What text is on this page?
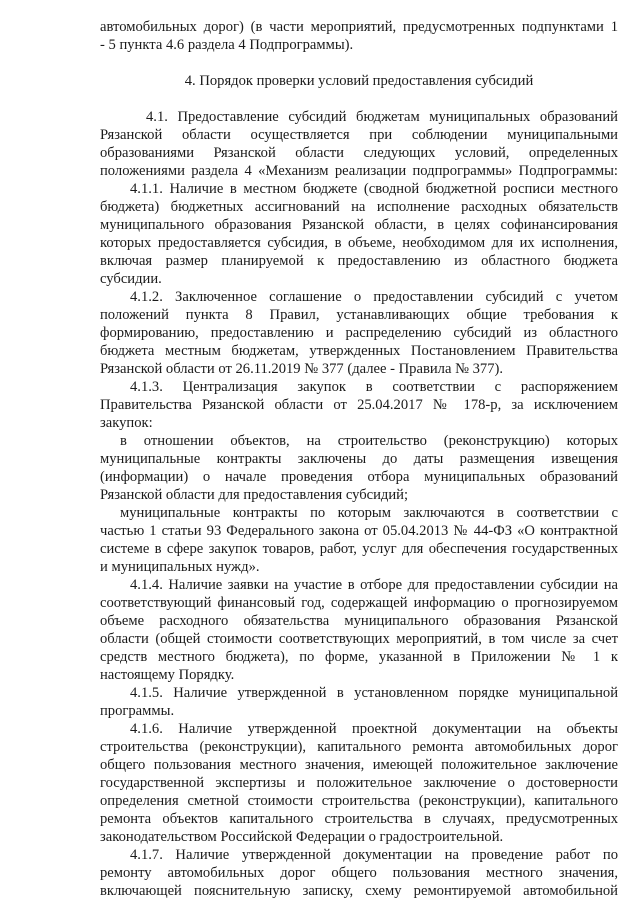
автомобильных дорог) (в части мероприятий, предусмотренных подпунктами 1
- 5 пункта 4.6 раздела 4 Подпрограммы).
4. Порядок проверки условий предоставления субсидий
4.1. Предоставление субсидий бюджетам муниципальных образований
Рязанской области осуществляется при соблюдении муниципальными
образованиями Рязанской области следующих условий, определенных
положениями раздела 4 «Механизм реализации подпрограммы» Подпрограммы:
4.1.1. Наличие в местном бюджете (сводной бюджетной росписи местного
бюджета) бюджетных ассигнований на исполнение расходных обязательств
муниципального образования Рязанской области, в целях софинансирования
которых предоставляется субсидия, в объеме, необходимом для их исполнения,
включая размер планируемой к предоставлению из областного бюджета
субсидии.
4.1.2. Заключенное соглашение о предоставлении субсидий с учетом
положений пункта 8 Правил, устанавливающих общие требования к
формированию, предоставлению и распределению субсидий из областного
бюджета местным бюджетам, утвержденных Постановлением Правительства
Рязанской области от 26.11.2019 № 377 (далее - Правила № 377).
4.1.3. Централизация закупок в соответствии с распоряжением
Правительства Рязанской области от 25.04.2017 № 178-р, за исключением
закупок:
в отношении объектов, на строительство (реконструкцию) которых
муниципальные контракты заключены до даты размещения извещения
(информации) о начале проведения отбора муниципальных образований
Рязанской области для предоставления субсидий;
муниципальные контракты по которым заключаются в соответствии с
частью 1 статьи 93 Федерального закона от 05.04.2013 № 44-ФЗ «О контрактной
системе в сфере закупок товаров, работ, услуг для обеспечения государственных
и муниципальных нужд».
4.1.4. Наличие заявки на участие в отборе для предоставлении субсидии на
соответствующий финансовый год, содержащей информацию о прогнозируемом
объеме расходного обязательства муниципального образования Рязанской
области (общей стоимости соответствующих мероприятий, в том числе за счет
средств местного бюджета), по форме, указанной в Приложении № 1 к
настоящему Порядку.
4.1.5. Наличие утвержденной в установленном порядке муниципальной
программы.
4.1.6. Наличие утвержденной проектной документации на объекты
строительства (реконструкции), капитального ремонта автомобильных дорог
общего пользования местного значения, имеющей положительное заключение
государственной экспертизы и положительное заключение о достоверности
определения сметной стоимости строительства (реконструкции), капитального
ремонта объектов капитального строительства в случаях, предусмотренных
законодательством Российской Федерации о градостроительной.
4.1.7. Наличие утвержденной документации на проведение работ по
ремонту автомобильных дорог общего пользования местного значения,
включающей пояснительную записку, схему ремонтируемой автомобильной
